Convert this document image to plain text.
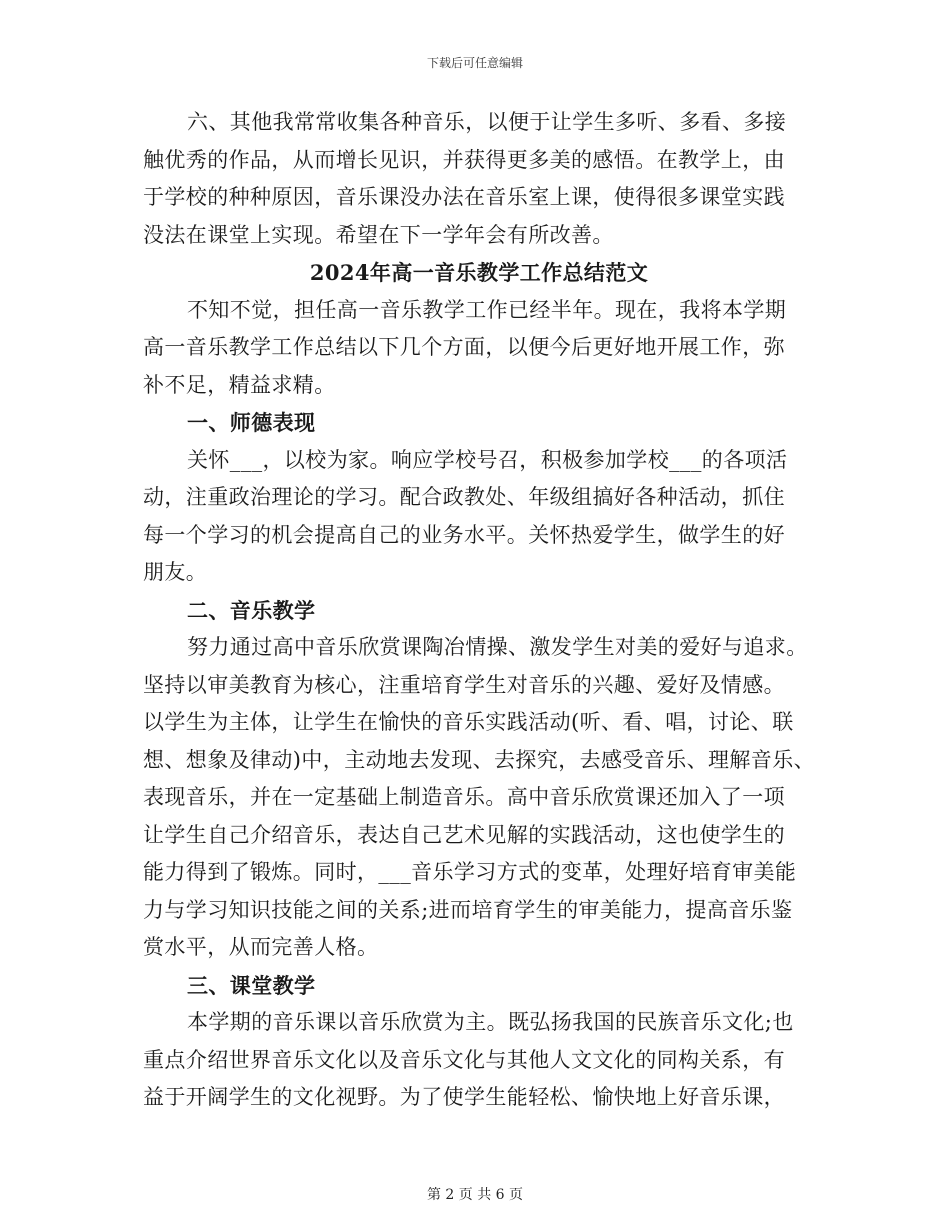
下载后可任意编辑
六、其他我常常收集各种音乐，以便于让学生多听、多看、多接
触优秀的作品，从而增长见识，并获得更多美的感悟。在教学上，由
于学校的种种原因，音乐课没办法在音乐室上课，使得很多课堂实践
没法在课堂上实现。希望在下一学年会有所改善。
2024年高一音乐教学工作总结范文
不知不觉，担任高一音乐教学工作已经半年。现在，我将本学期
高一音乐教学工作总结以下几个方面，以便今后更好地开展工作，弥
补不足，精益求精。
一、师德表现
关怀___，以校为家。响应学校号召，积极参加学校___的各项活
动，注重政治理论的学习。配合政教处、年级组搞好各种活动，抓住
每一个学习的机会提高自己的业务水平。关怀热爱学生，做学生的好
朋友。
二、音乐教学
努力通过高中音乐欣赏课陶冶情操、激发学生对美的爱好与追求。
坚持以审美教育为核心，注重培育学生对音乐的兴趣、爱好及情感。
以学生为主体，让学生在愉快的音乐实践活动(听、看、唱，讨论、联
想、想象及律动)中，主动地去发现、去探究，去感受音乐、理解音乐、
表现音乐，并在一定基础上制造音乐。高中音乐欣赏课还加入了一项
让学生自己介绍音乐，表达自己艺术见解的实践活动，这也使学生的
能力得到了锻炼。同时，___音乐学习方式的变革，处理好培育审美能
力与学习知识技能之间的关系;进而培育学生的审美能力，提高音乐鉴
赏水平，从而完善人格。
三、课堂教学
本学期的音乐课以音乐欣赏为主。既弘扬我国的民族音乐文化;也
重点介绍世界音乐文化以及音乐文化与其他人文文化的同构关系，有
益于开阔学生的文化视野。为了使学生能轻松、愉快地上好音乐课，
第 2 页 共 6 页
